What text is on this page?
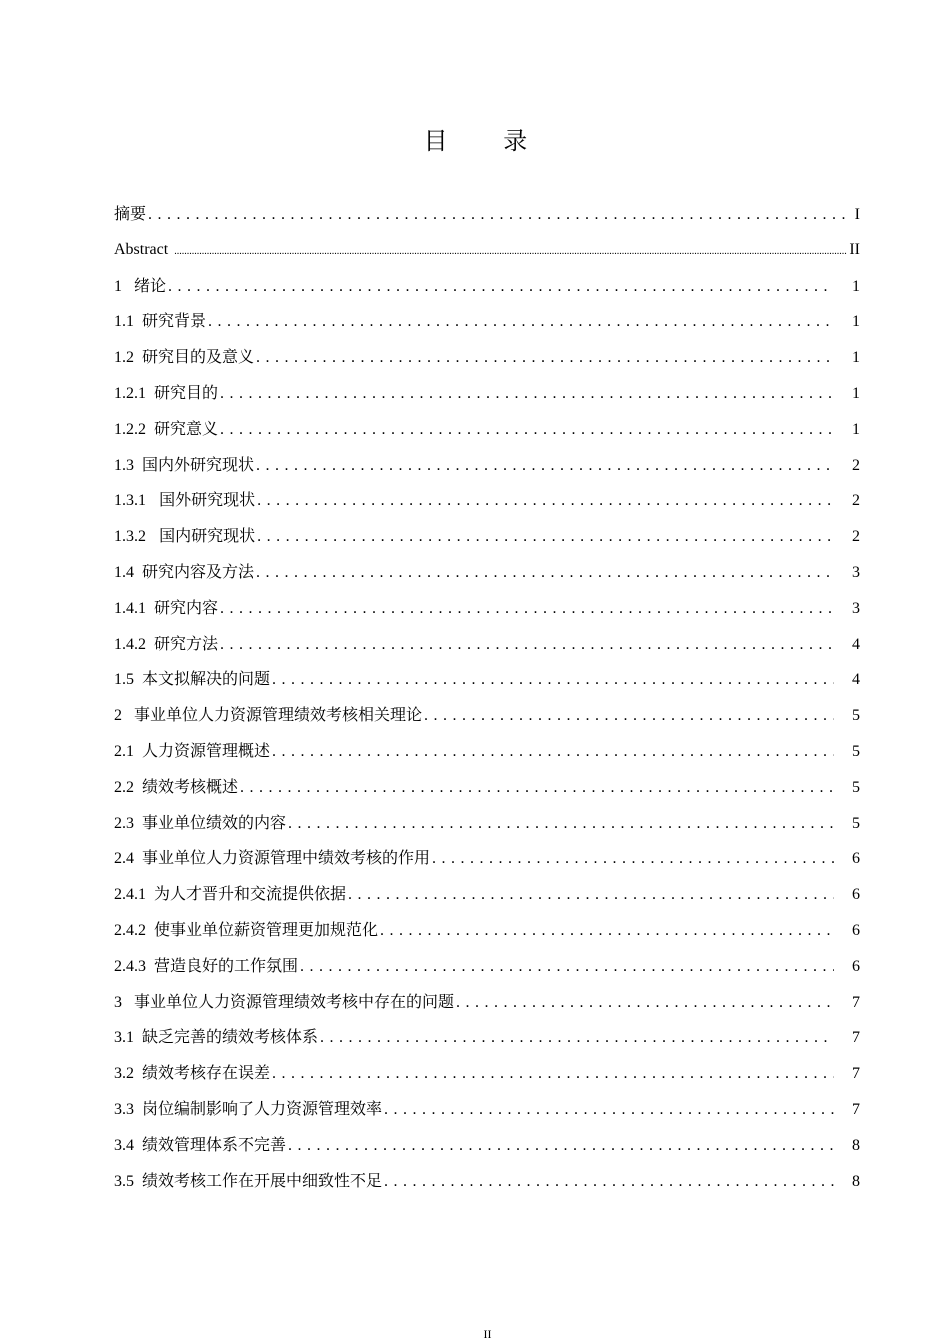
目 录
摘要 . . .	I
Abstract .....	II
1 绪论 . . .	1
1.1 研究背景 . . .	1
1.2 研究目的及意义 . . .	1
1.2.1 研究目的 . . .	1
1.2.2 研究意义 . . .	1
1.3 国内外研究现状 . . .	2
1.3.1 国外研究现状 . . .	2
1.3.2 国内研究现状 . . .	2
1.4 研究内容及方法 . . .	3
1.4.1 研究内容 . . .	3
1.4.2 研究方法 . . .	4
1.5 本文拟解决的问题 . . .	4
2 事业单位人力资源管理绩效考核相关理论 . . .	5
2.1 人力资源管理概述 . . .	5
2.2 绩效考核概述 . . .	5
2.3 事业单位绩效的内容 . . .	5
2.4 事业单位人力资源管理中绩效考核的作用 . . .	6
2.4.1 为人才晋升和交流提供依据 . . .	6
2.4.2 使事业单位薪资管理更加规范化 . . .	6
2.4.3 营造良好的工作氛围 . . .	6
3 事业单位人力资源管理绩效考核中存在的问题 . . .	7
3.1 缺乏完善的绩效考核体系 . . .	7
3.2 绩效考核存在误差 . . .	7
3.3 岗位编制影响了人力资源管理效率 . . .	7
3.4 绩效管理体系不完善 . . .	8
3.5 绩效考核工作在开展中细致性不足 . . .	8
II
